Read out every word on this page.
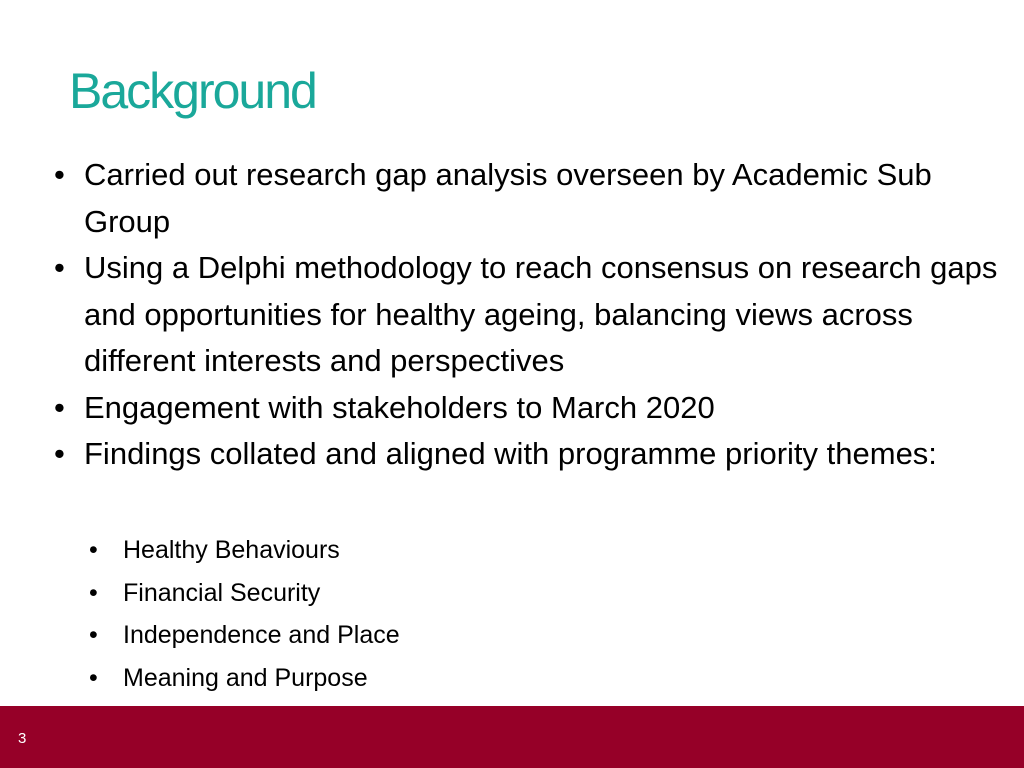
Background
• Carried out research gap analysis overseen by Academic Sub Group
• Using a Delphi methodology to reach consensus on research gaps and opportunities for healthy ageing, balancing views across different interests and perspectives
• Engagement with stakeholders to March 2020
• Findings collated and aligned with programme priority themes:
• Healthy Behaviours
• Financial Security
• Independence and Place
• Meaning and Purpose
3
